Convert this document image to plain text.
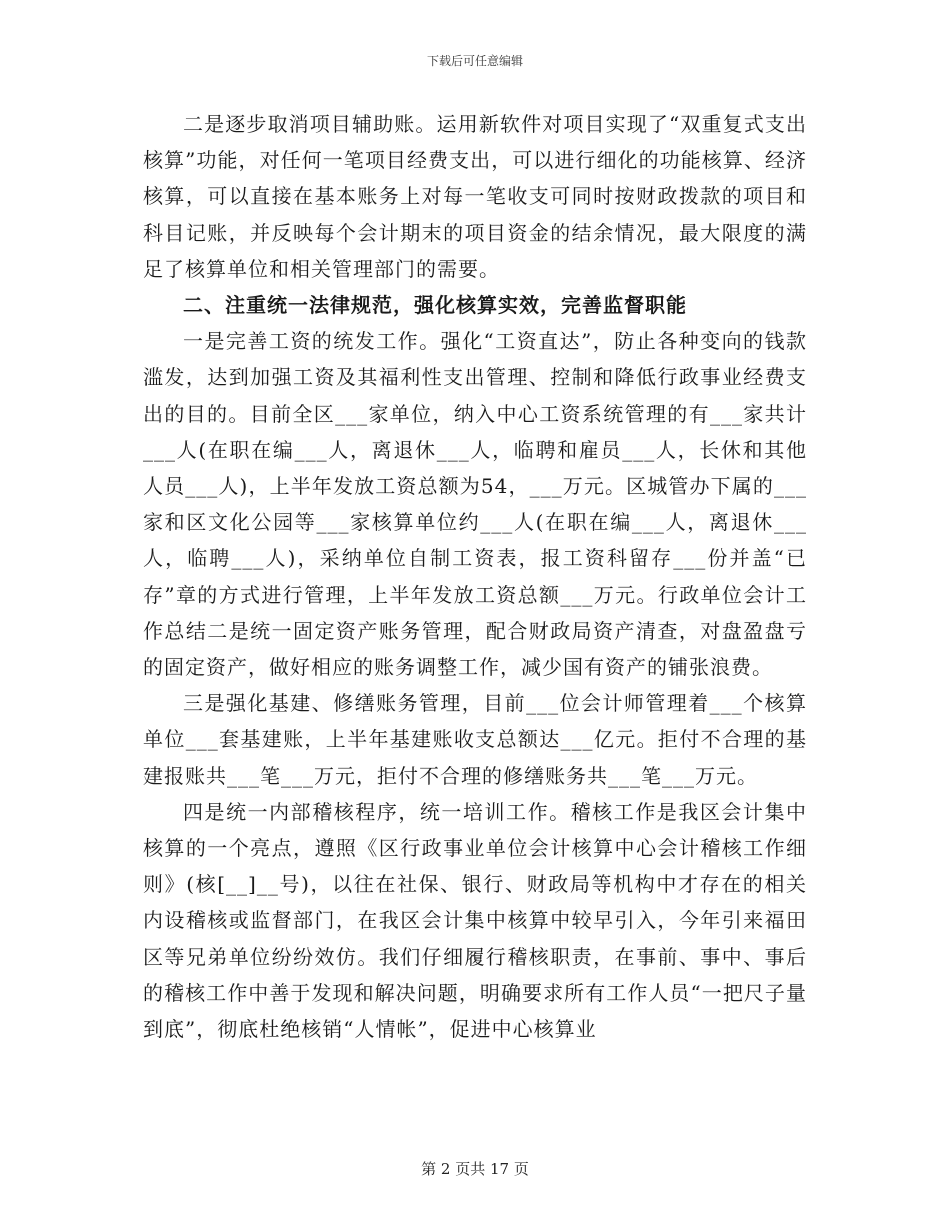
下载后可任意编辑

二是逐步取消项目辅助账。运用新软件对项目实现了“双重复式支出核算”功能，对任何一笔项目经费支出，可以进行细化的功能核算、经济核算，可以直接在基本账务上对每一笔收支可同时按财政拨款的项目和科目记账，并反映每个会计期末的项目资金的结余情况，最大限度的满足了核算单位和相关管理部门的需要。

二、注重统一法律规范，强化核算实效，完善监督职能

一是完善工资的统发工作。强化“工资直达”，防止各种变向的钱款滥发，达到加强工资及其福利性支出管理、控制和降低行政事业经费支出的目的。目前全区___家单位，纳入中心工资系统管理的有___家共计___人(在职在编___人，离退休___人，临聘和雇员___人，长休和其他人员___人)，上半年发放工资总额为54，___万元。区城管办下属的___家和区文化公园等___家核算单位约___人(在职在编___人，离退休___人，临聘___人)，采纳单位自制工资表，报工资科留存___份并盖“已存”章的方式进行管理，上半年发放工资总额___万元。行政单位会计工作总结二是统一固定资产账务管理，配合财政局资产清查，对盘盈盘亏的固定资产，做好相应的账务调整工作，减少国有资产的铺张浪费。

三是强化基建、修缮账务管理，目前___位会计师管理着___个核算单位___套基建账，上半年基建账收支总额达___亿元。拒付不合理的基建报账共___笔___万元，拒付不合理的修缮账务共___笔___万元。

四是统一内部稽核程序，统一培训工作。稽核工作是我区会计集中核算的一个亮点，遵照《区行政事业单位会计核算中心会计稽核工作细则》(核[__]__号)，以往在社保、银行、财政局等机构中才存在的相关内设稽核或监督部门，在我区会计集中核算中较早引入，今年引来福田区等兄弟单位纷纷效仿。我们仔细履行稽核职责，在事前、事中、事后的稽核工作中善于发现和解决问题，明确要求所有工作人员“一把尺子量到底”，彻底杜绝核销“人情帐”，促进中心核算业

第 2 页共 17 页
